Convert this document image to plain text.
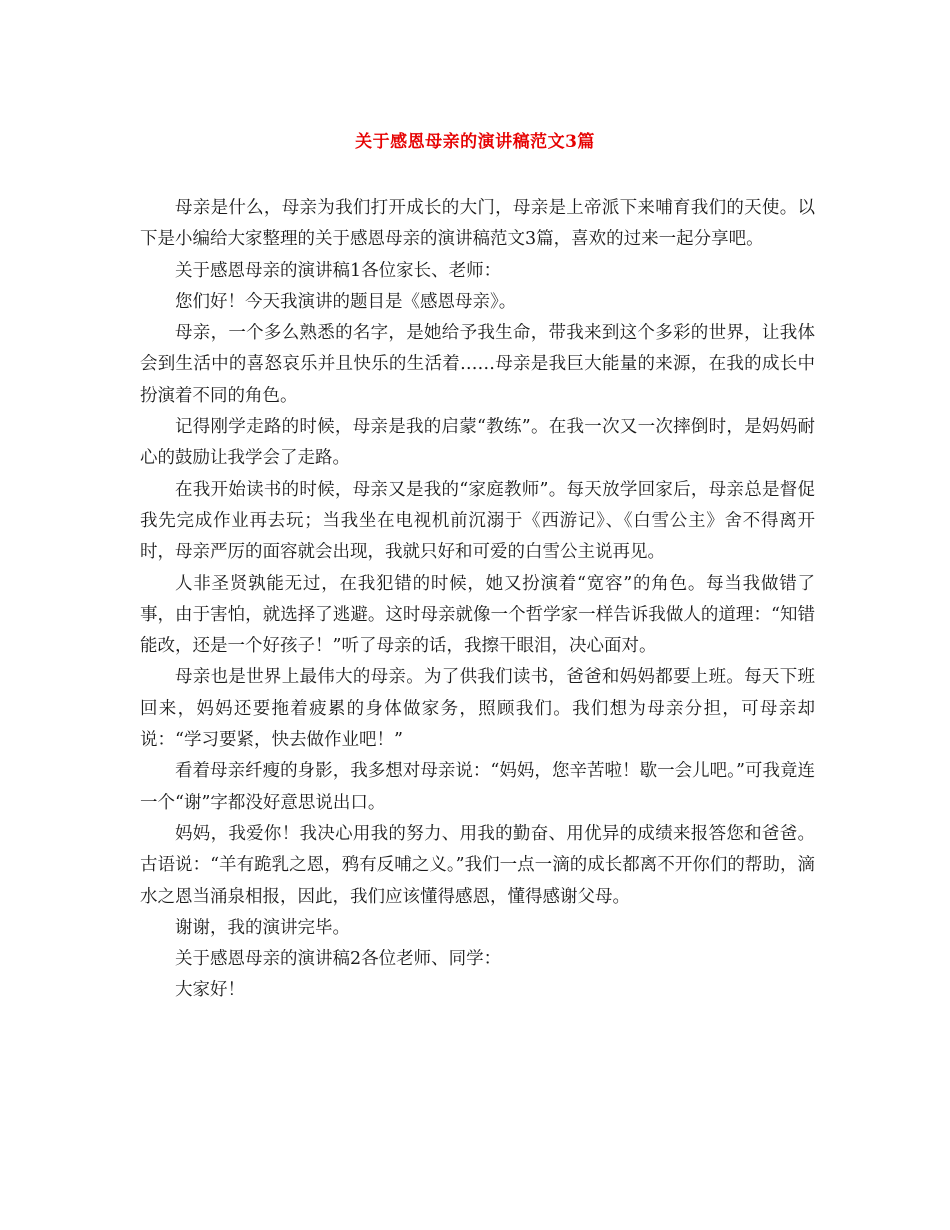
关于感恩母亲的演讲稿范文3篇

母亲是什么，母亲为我们打开成长的大门，母亲是上帝派下来哺育我们的天使。以下是小编给大家整理的关于感恩母亲的演讲稿范文3篇，喜欢的过来一起分享吧。

关于感恩母亲的演讲稿1各位家长、老师：

您们好！今天我演讲的题目是《感恩母亲》。

母亲，一个多么熟悉的名字，是她给予我生命，带我来到这个多彩的世界，让我体会到生活中的喜怒哀乐并且快乐的生活着……母亲是我巨大能量的来源，在我的成长中扮演着不同的角色。

记得刚学走路的时候，母亲是我的启蒙“教练”。在我一次又一次摔倒时，是妈妈耐心的鼓励让我学会了走路。

在我开始读书的时候，母亲又是我的“家庭教师”。每天放学回家后，母亲总是督促我先完成作业再去玩；当我坐在电视机前沉溺于《西游记》、《白雪公主》舍不得离开时，母亲严厉的面容就会出现，我就只好和可爱的白雪公主说再见。

人非圣贤孰能无过，在我犯错的时候，她又扮演着“宽容”的角色。每当我做错了事，由于害怕，就选择了逃避。这时母亲就像一个哲学家一样告诉我做人的道理：“知错能改，还是一个好孩子！”听了母亲的话，我擦干眼泪，决心面对。

母亲也是世界上最伟大的母亲。为了供我们读书，爸爸和妈妈都要上班。每天下班回来，妈妈还要拖着疲累的身体做家务，照顾我们。我们想为母亲分担，可母亲却说：“学习要紧，快去做作业吧！”

看着母亲纤瘦的身影，我多想对母亲说：“妈妈，您辛苦啦！歇一会儿吧。”可我竟连一个“谢”字都没好意思说出口。

妈妈，我爱你！我决心用我的努力、用我的勤奋、用优异的成绩来报答您和爸爸。古语说：“羊有跪乳之恩，鸦有反哺之义。”我们一点一滴的成长都离不开你们的帮助，滴水之恩当涌泉相报，因此，我们应该懂得感恩，懂得感谢父母。

谢谢，我的演讲完毕。

关于感恩母亲的演讲稿2各位老师、同学：

大家好！
